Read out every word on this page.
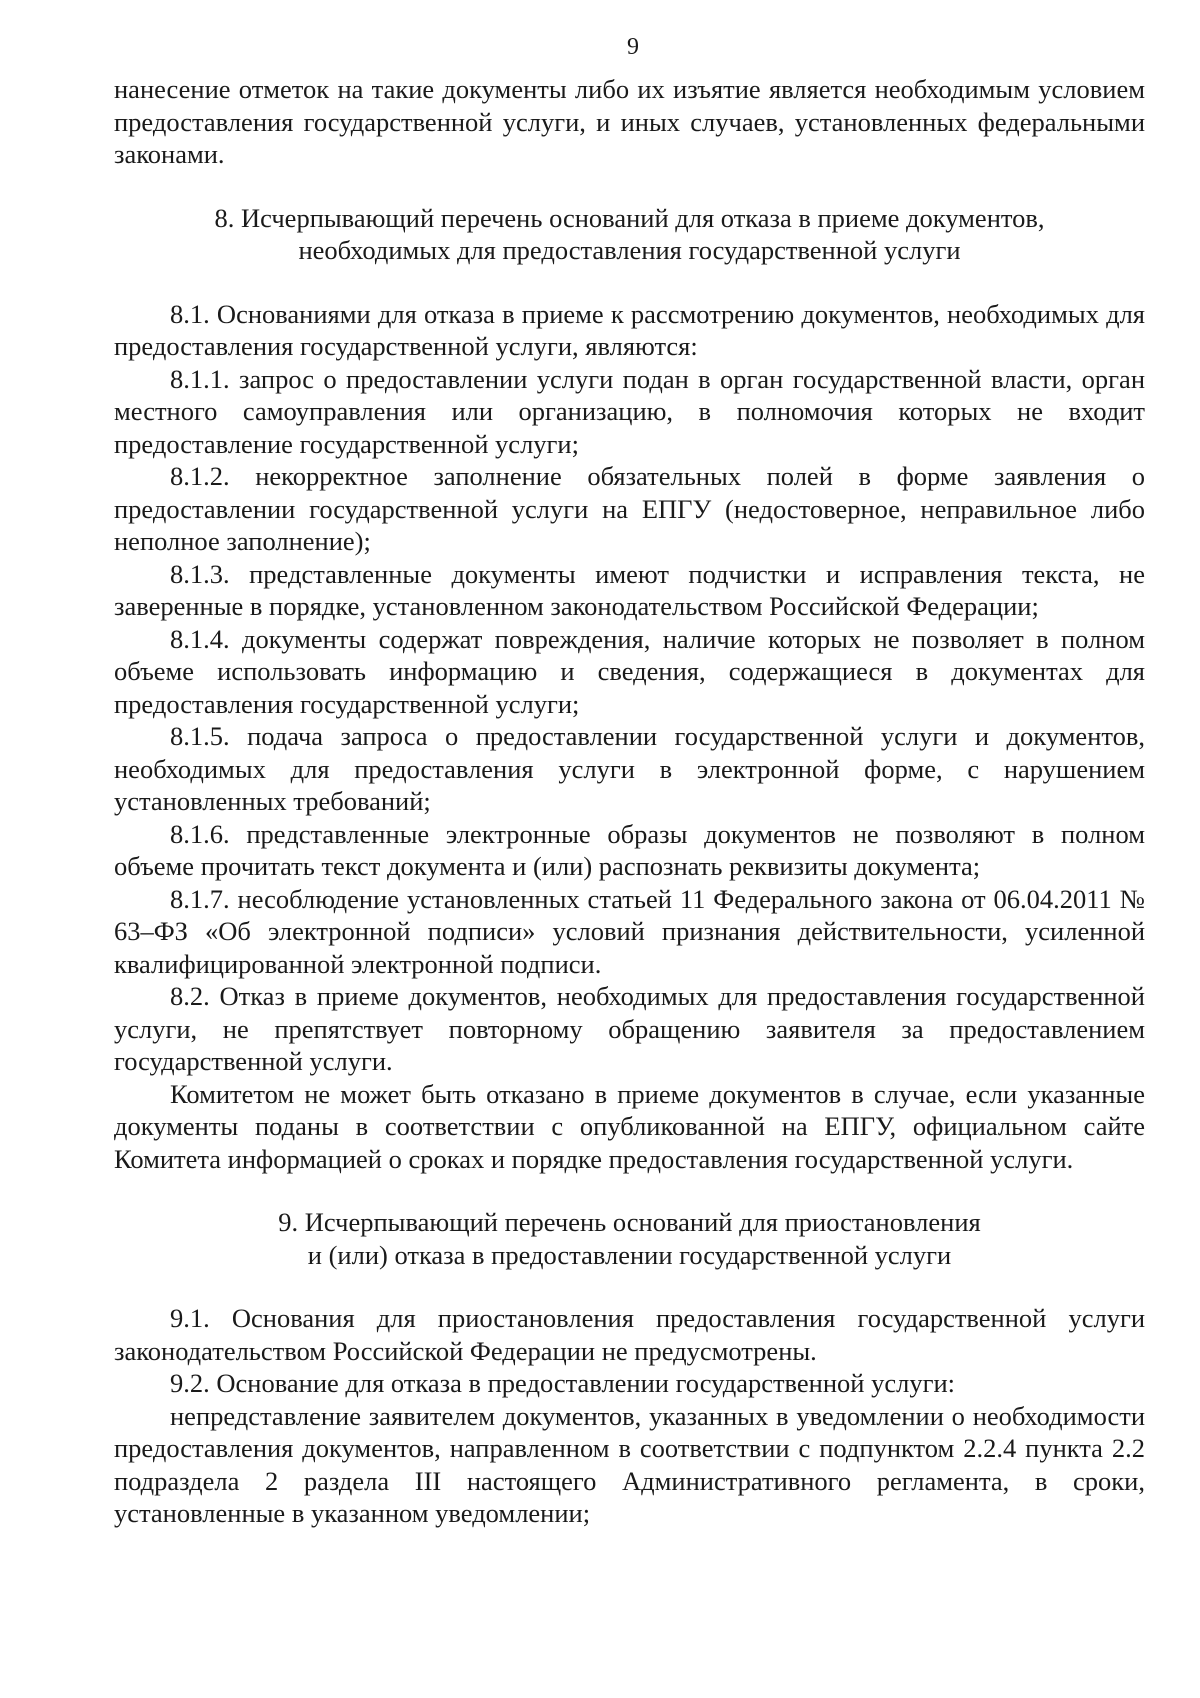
9

нанесение отметок на такие документы либо их изъятие является необходимым условием предоставления государственной услуги, и иных случаев, установленных федеральными законами.

8. Исчерпывающий перечень оснований для отказа в приеме документов,
необходимых для предоставления государственной услуги

8.1. Основаниями для отказа в приеме к рассмотрению документов, необходимых для предоставления государственной услуги, являются:

8.1.1. запрос о предоставлении услуги подан в орган государственной власти, орган местного самоуправления или организацию, в полномочия которых не входит предоставление государственной услуги;

8.1.2. некорректное заполнение обязательных полей в форме заявления о предоставлении государственной услуги на ЕПГУ (недостоверное, неправильное либо неполное заполнение);

8.1.3. представленные документы имеют подчистки и исправления текста, не заверенные в порядке, установленном законодательством Российской Федерации;

8.1.4. документы содержат повреждения, наличие которых не позволяет в полном объеме использовать информацию и сведения, содержащиеся в документах для предоставления государственной услуги;

8.1.5. подача запроса о предоставлении государственной услуги и документов, необходимых для предоставления услуги в электронной форме, с нарушением установленных требований;

8.1.6. представленные электронные образы документов не позволяют в полном объеме прочитать текст документа и (или) распознать реквизиты документа;

8.1.7. несоблюдение установленных статьей 11 Федерального закона от 06.04.2011 № 63–ФЗ «Об электронной подписи» условий признания действительности, усиленной квалифицированной электронной подписи.

8.2. Отказ в приеме документов, необходимых для предоставления государственной услуги, не препятствует повторному обращению заявителя за предоставлением государственной услуги.

Комитетом не может быть отказано в приеме документов в случае, если указанные документы поданы в соответствии с опубликованной на ЕПГУ, официальном сайте Комитета информацией о сроках и порядке предоставления государственной услуги.

9. Исчерпывающий перечень оснований для приостановления
и (или) отказа в предоставлении государственной услуги

9.1. Основания для приостановления предоставления государственной услуги законодательством Российской Федерации не предусмотрены.

9.2. Основание для отказа в предоставлении государственной услуги:

непредставление заявителем документов, указанных в уведомлении о необходимости предоставления документов, направленном в соответствии с подпунктом 2.2.4 пункта 2.2 подраздела 2 раздела III настоящего Административного регламента, в сроки, установленные в указанном уведомлении;
